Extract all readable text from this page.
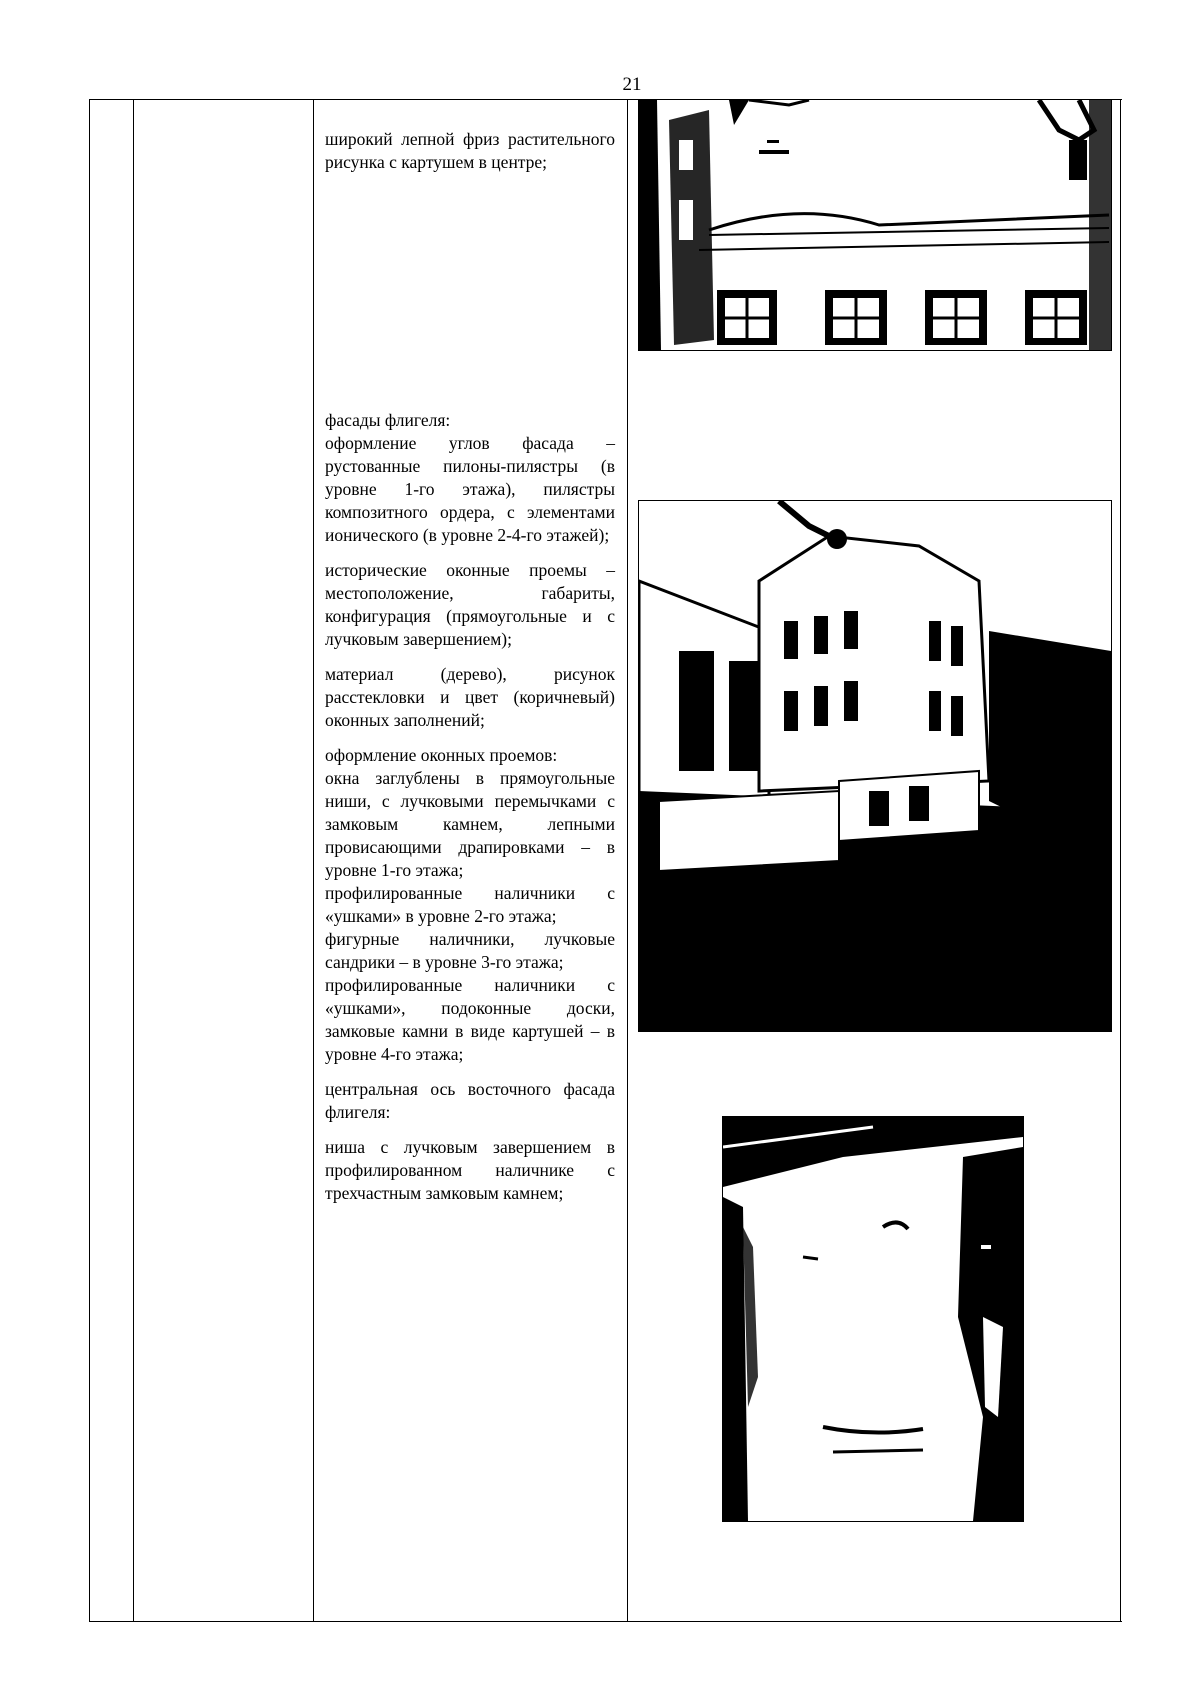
21
широкий лепной фриз растительного рисунка с картушем в центре;
фасады флигеля:
оформление углов фасада – рустованные пилоны-пилястры (в уровне 1-го этажа), пилястры композитного ордера, с элементами ионического (в уровне 2-4-го этажей);
исторические оконные проемы – местоположение, габариты, конфигурация (прямоугольные и с лучковым завершением);
материал (дерево), рисунок расстекловки и цвет (коричневый) оконных заполнений;
оформление оконных проемов:
окна заглублены в прямоугольные ниши, с лучковыми перемычками с замковым камнем, лепными провисающими драпировками – в уровне 1-го этажа;
профилированные наличники с «ушками» в уровне 2-го этажа;
фигурные наличники, лучковые сандрики – в уровне 3-го этажа;
профилированные наличники с «ушками», подоконные доски, замковые камни в виде картушей – в уровне 4-го этажа;
центральная ось восточного фасада флигеля:
ниша с лучковым завершением в профилированном наличнике с трехчастным замковым камнем;
